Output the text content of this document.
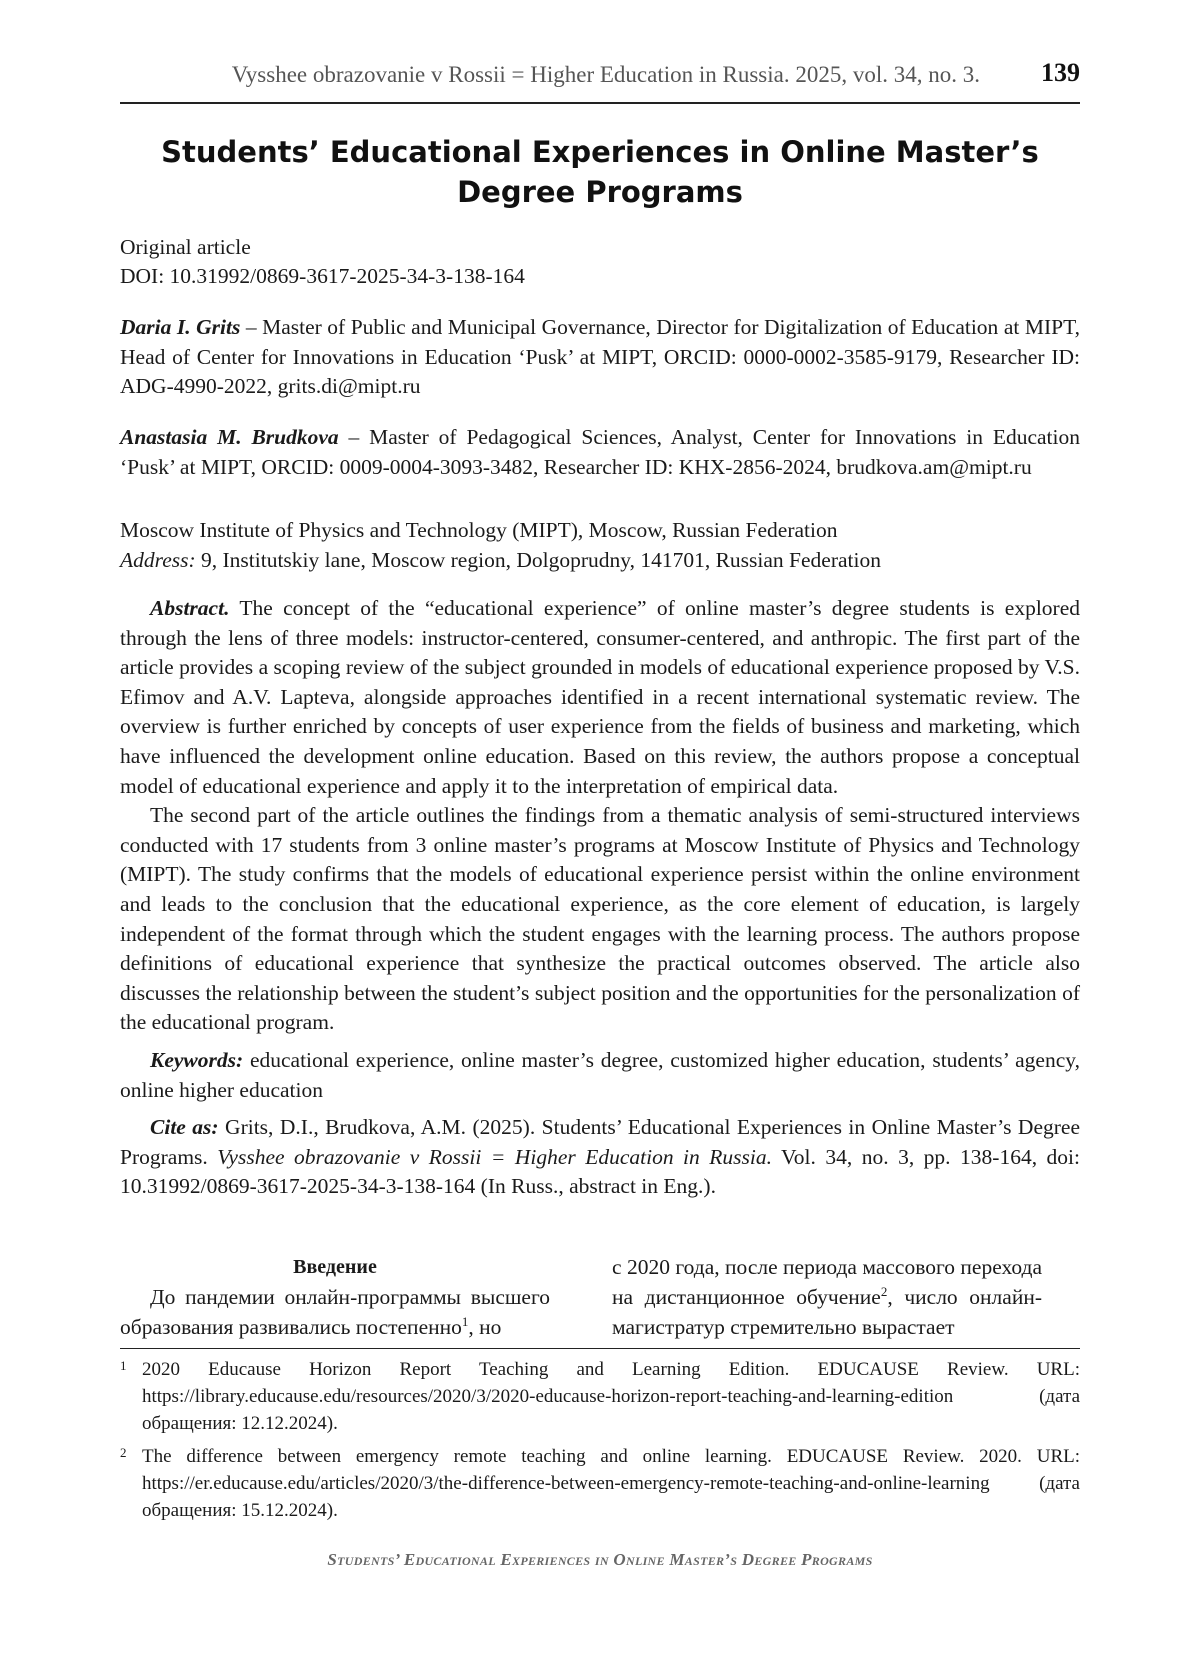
Vysshee obrazovanie v Rossii = Higher Education in Russia. 2025, vol. 34, no. 3. 139
Students’ Educational Experiences in Online Master’s
Degree Programs
Original article
DOI: 10.31992/0869-3617-2025-34-3-138-164
Daria I. Grits – Master of Public and Municipal Governance, Director for Digitalization of Education at MIPT, Head of Center for Innovations in Education ‘Pusk’ at MIPT, ORCID: 0000-0002-3585-9179, Researcher ID: ADG-4990-2022, grits.di@mipt.ru
Anastasia M. Brudkova – Master of Pedagogical Sciences, Analyst, Center for Innovations in Education ‘Pusk’ at MIPT, ORCID: 0009-0004-3093-3482, Researcher ID: KHX-2856-2024, brudkova.am@mipt.ru
Moscow Institute of Physics and Technology (MIPT), Moscow, Russian Federation
Address: 9, Institutskiy lane, Moscow region, Dolgoprudny, 141701, Russian Federation

Abstract. The concept of the “educational experience” of online master’s degree students is explored through the lens of three models: instructor-centered, consumer-centered, and anthropic. The first part of the article provides a scoping review of the subject grounded in models of educational experience proposed by V.S. Efimov and A.V. Lapteva, alongside approaches identified in a recent international systematic review. The overview is further enriched by concepts of user experience from the fields of business and marketing, which have influenced the development online education. Based on this review, the authors propose a conceptual model of educational experience and apply it to the interpretation of empirical data.

The second part of the article outlines the findings from a thematic analysis of semi-structured interviews conducted with 17 students from 3 online master’s programs at Moscow Institute of Physics and Technology (MIPT). The study confirms that the models of educational experience persist within the online environment and leads to the conclusion that the educational experience, as the core element of education, is largely independent of the format through which the student engages with the learning process. The authors propose definitions of educational experience that synthesize the practical outcomes observed. The article also discusses the relationship between the student’s subject position and the opportunities for the personalization of the educational program.

Keywords: educational experience, online master’s degree, customized higher education, students’ agency, online higher education

Cite as: Grits, D.I., Brudkova, A.M. (2025). Students’ Educational Experiences in Online Master’s Degree Programs. Vysshee obrazovanie v Rossii = Higher Education in Russia. Vol. 34, no. 3, pp. 138-164, doi: 10.31992/0869-3617-2025-34-3-138-164 (In Russ., abstract in Eng.).

Введение

До пандемии онлайн-программы высшего образования развивались постепенно$^1$, но

с 2020 года, после периода массового перехода на дистанционное обучение$^2$, число онлайн-магистратур стремительно вырастает

1 2020 Educause Horizon Report Teaching and Learning Edition. EDUCAUSE Review. URL: https://library.educause.edu/resources/2020/3/2020-educause-horizon-report-teaching-and-learning-edition (дата обращения: 12.12.2024).
2 The difference between emergency remote teaching and online learning. EDUCAUSE Review. 2020. URL: https://er.educause.edu/articles/2020/3/the-difference-between-emergency-remote-teaching-and-online-learning (дата обращения: 15.12.2024).
Students’ Educational Experiences in Online Master’s Degree Programs
